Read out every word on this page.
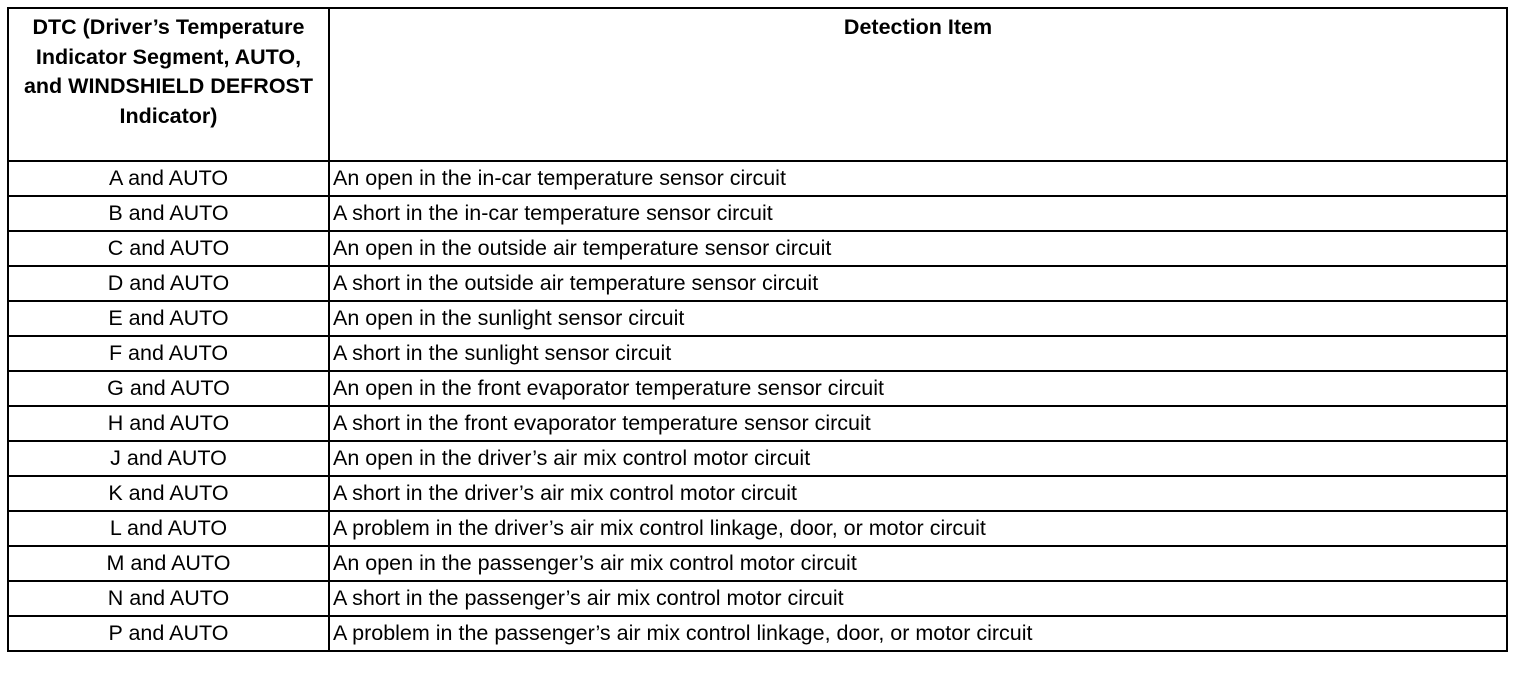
DTC (Driver’s Temperature Indicator Segment, AUTO, and WINDSHIELD DEFROST Indicator)	Detection Item
A and AUTO	An open in the in-car temperature sensor circuit
B and AUTO	A short in the in-car temperature sensor circuit
C and AUTO	An open in the outside air temperature sensor circuit
D and AUTO	A short in the outside air temperature sensor circuit
E and AUTO	An open in the sunlight sensor circuit
F and AUTO	A short in the sunlight sensor circuit
G and AUTO	An open in the front evaporator temperature sensor circuit
H and AUTO	A short in the front evaporator temperature sensor circuit
J and AUTO	An open in the driver’s air mix control motor circuit
K and AUTO	A short in the driver’s air mix control motor circuit
L and AUTO	A problem in the driver’s air mix control linkage, door, or motor circuit
M and AUTO	An open in the passenger’s air mix control motor circuit
N and AUTO	A short in the passenger’s air mix control motor circuit
P and AUTO	A problem in the passenger’s air mix control linkage, door, or motor circuit
